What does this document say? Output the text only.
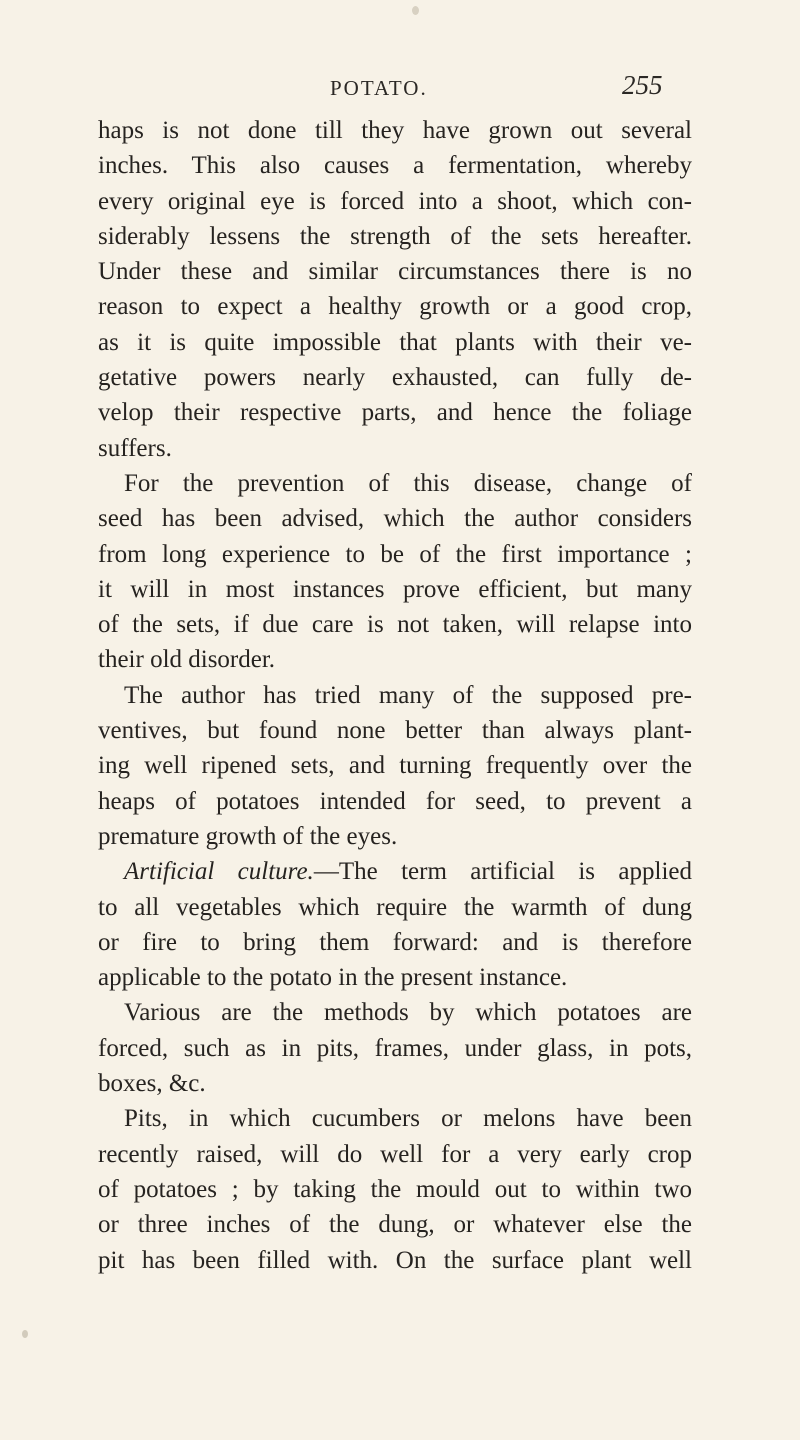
POTATO.	255
haps is not done till they have grown out several
inches. This also causes a fermentation, whereby
every original eye is forced into a shoot, which con-
siderably lessens the strength of the sets hereafter.
Under these and similar circumstances there is no
reason to expect a healthy growth or a good crop,
as it is quite impossible that plants with their ve-
getative powers nearly exhausted, can fully de-
velop their respective parts, and hence the foliage
suffers.
For the prevention of this disease, change of
seed has been advised, which the author considers
from long experience to be of the first importance ;
it will in most instances prove efficient, but many
of the sets, if due care is not taken, will relapse into
their old disorder.
The author has tried many of the supposed pre-
ventives, but found none better than always plant-
ing well ripened sets, and turning frequently over the
heaps of potatoes intended for seed, to prevent a
premature growth of the eyes.
Artificial culture.—The term artificial is applied
to all vegetables which require the warmth of dung
or fire to bring them forward: and is therefore
applicable to the potato in the present instance.
Various are the methods by which potatoes are
forced, such as in pits, frames, under glass, in pots,
boxes, &c.
Pits, in which cucumbers or melons have been
recently raised, will do well for a very early crop
of potatoes ; by taking the mould out to within two
or three inches of the dung, or whatever else the
pit has been filled with. On the surface plant well
